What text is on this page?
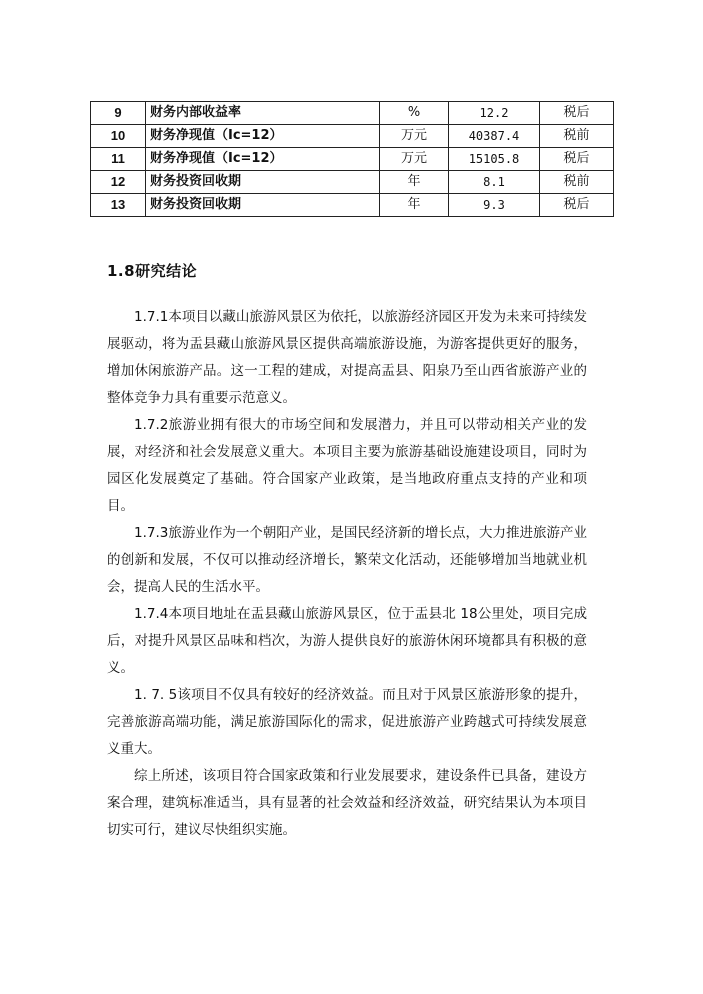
9	财务内部收益率	%	12.2	税后
10	财务净现值（Ic=12）	万元	40387.4	税前
11	财务净现值（Ic=12）	万元	15105.8	税后
12	财务投资回收期	年	8.1	税前
13	财务投资回收期	年	9.3	税后
1.8研究结论

1.7.1本项目以藏山旅游风景区为依托，以旅游经济园区开发为未来可持续发展驱动，将为盂县藏山旅游风景区提供高端旅游设施，为游客提供更好的服务，增加休闲旅游产品。这一工程的建成，对提高盂县、阳泉乃至山西省旅游产业的整体竞争力具有重要示范意义。

1.7.2旅游业拥有很大的市场空间和发展潜力，并且可以带动相关产业的发展，对经济和社会发展意义重大。本项目主要为旅游基础设施建设项目，同时为园区化发展奠定了基础。符合国家产业政策，是当地政府重点支持的产业和项目。

1.7.3旅游业作为一个朝阳产业，是国民经济新的增长点，大力推进旅游产业的创新和发展，不仅可以推动经济增长，繁荣文化活动，还能够增加当地就业机会，提高人民的生活水平。

1.7.4本项目地址在盂县藏山旅游风景区，位于盂县北 18公里处，项目完成后，对提升风景区品味和档次，为游人提供良好的旅游休闲环境都具有积极的意义。

1. 7. 5该项目不仅具有较好的经济效益。而且对于风景区旅游形象的提升，完善旅游高端功能，满足旅游国际化的需求，促进旅游产业跨越式可持续发展意义重大。

综上所述，该项目符合国家政策和行业发展要求，建设条件已具备，建设方案合理，建筑标准适当，具有显著的社会效益和经济效益，研究结果认为本项目切实可行，建议尽快组织实施。
